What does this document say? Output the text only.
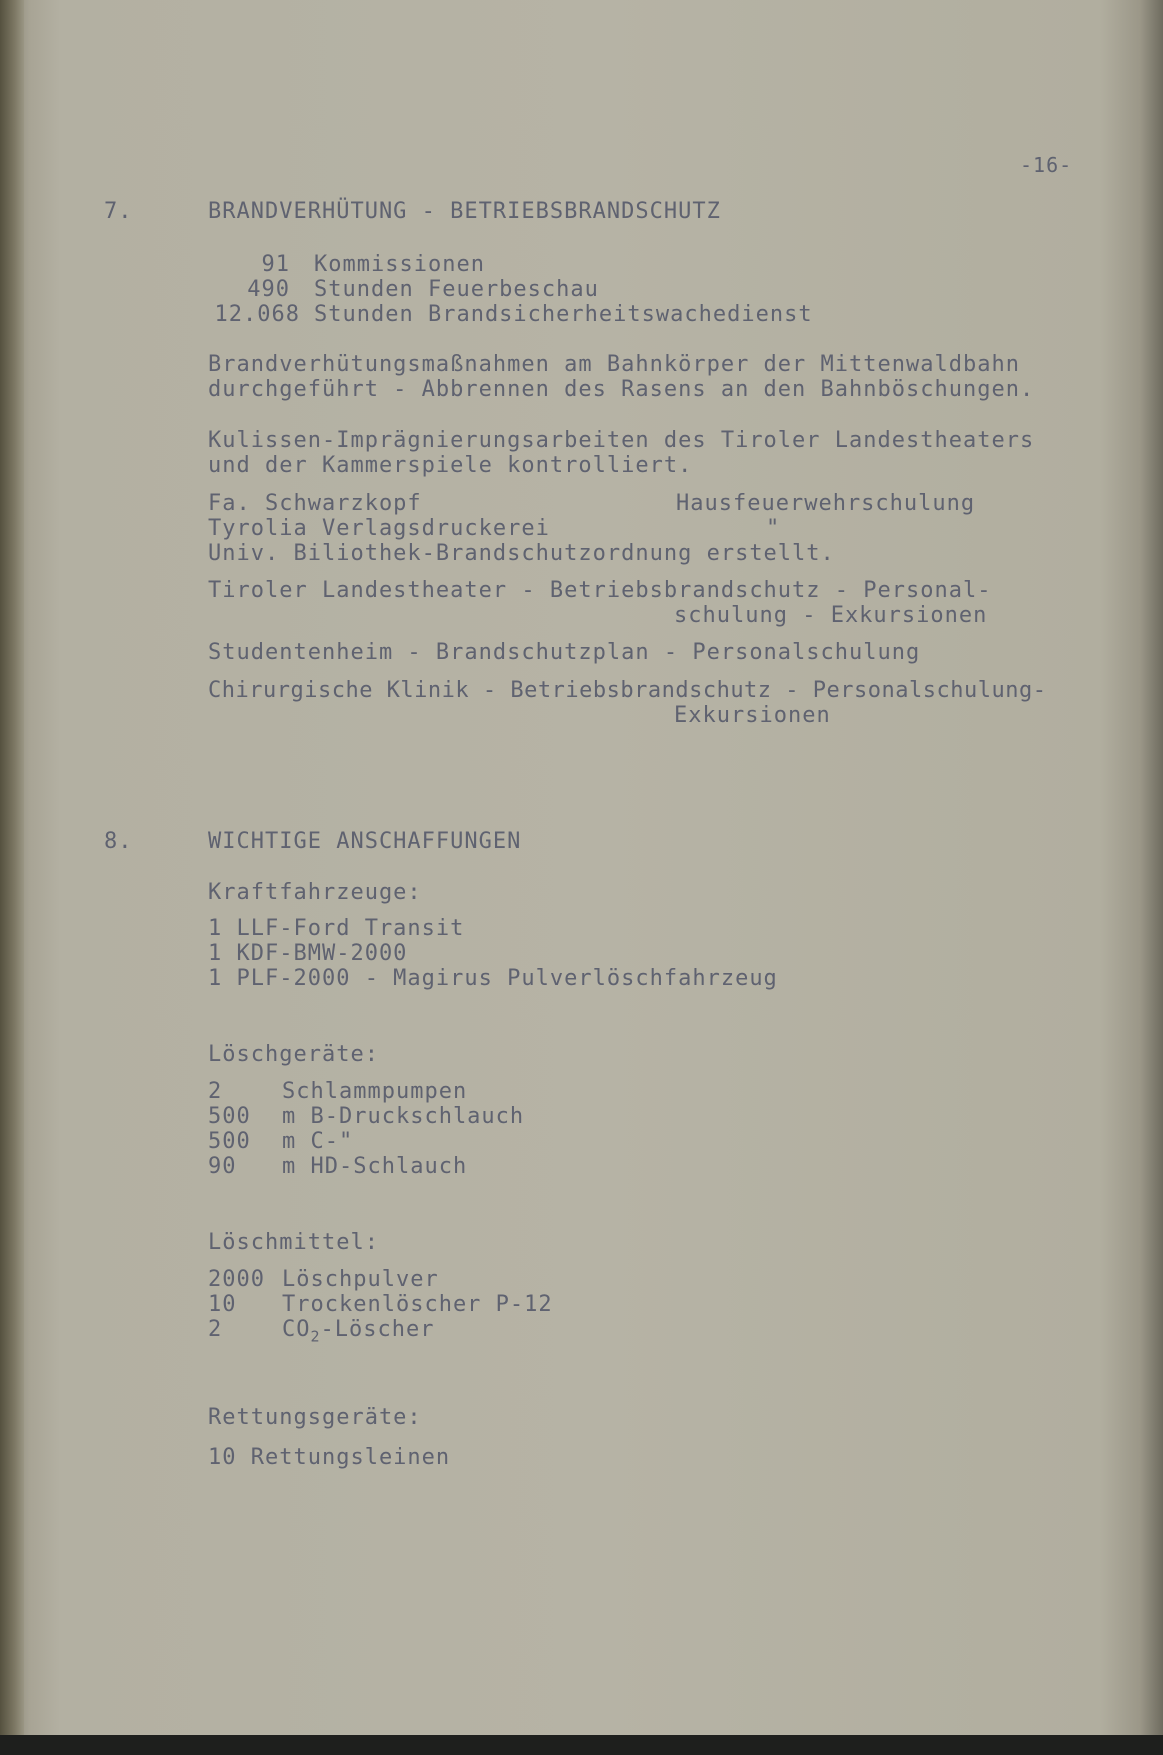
-16-
7.	BRANDVERHÜTUNG - BETRIEBSBRANDSCHUTZ
91 Kommissionen
490 Stunden Feuerbeschau
12.068 Stunden Brandsicherheitswachedienst
Brandverhütungsmaßnahmen am Bahnkörper der Mittenwaldbahn
durchgeführt - Abbrennen des Rasens an den Bahnböschungen.
Kulissen-Imprägnierungsarbeiten des Tiroler Landestheaters
und der Kammerspiele kontrolliert.
Fa. Schwarzkopf	Hausfeuerwehrschulung
Tyrolia Verlagsdruckerei	"
Univ. Biliothek-Brandschutzordnung erstellt.
Tiroler Landestheater - Betriebsbrandschutz - Personal-
schulung - Exkursionen
Studentenheim - Brandschutzplan - Personalschulung
Chirurgische Klinik - Betriebsbrandschutz - Personalschulung-
Exkursionen
8.	WICHTIGE ANSCHAFFUNGEN
Kraftfahrzeuge:
1 LLF-Ford Transit
1 KDF-BMW-2000
1 PLF-2000 - Magirus Pulverlöschfahrzeug
Löschgeräte:
2	Schlammpumpen
500 m B-Druckschlauch
500 m C-"
90 m HD-Schlauch
Löschmittel:
2000 Löschpulver
10 Trockenlöscher P-12
2	$CO_2$-Löscher
Rettungsgeräte:
10 Rettungsleinen
